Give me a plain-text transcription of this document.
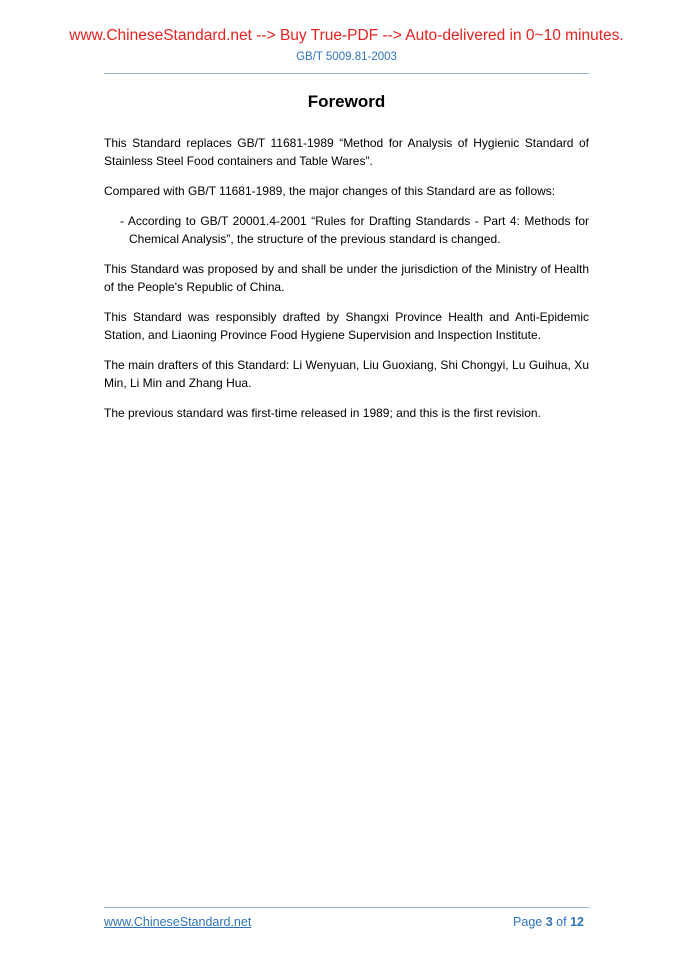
www.ChineseStandard.net --> Buy True-PDF --> Auto-delivered in 0~10 minutes.
GB/T 5009.81-2003
Foreword

This Standard replaces GB/T 11681-1989 “Method for Analysis of Hygienic Standard of Stainless Steel Food containers and Table Wares”.

Compared with GB/T 11681-1989, the major changes of this Standard are as follows:

- According to GB/T 20001.4-2001 “Rules for Drafting Standards - Part 4: Methods for Chemical Analysis”, the structure of the previous standard is changed.

This Standard was proposed by and shall be under the jurisdiction of the Ministry of Health of the People's Republic of China.

This Standard was responsibly drafted by Shangxi Province Health and Anti-Epidemic Station, and Liaoning Province Food Hygiene Supervision and Inspection Institute.

The main drafters of this Standard: Li Wenyuan, Liu Guoxiang, Shi Chongyi, Lu Guihua, Xu Min, Li Min and Zhang Hua.

The previous standard was first-time released in 1989; and this is the first revision.

www.ChineseStandard.net	Page 3 of 12
